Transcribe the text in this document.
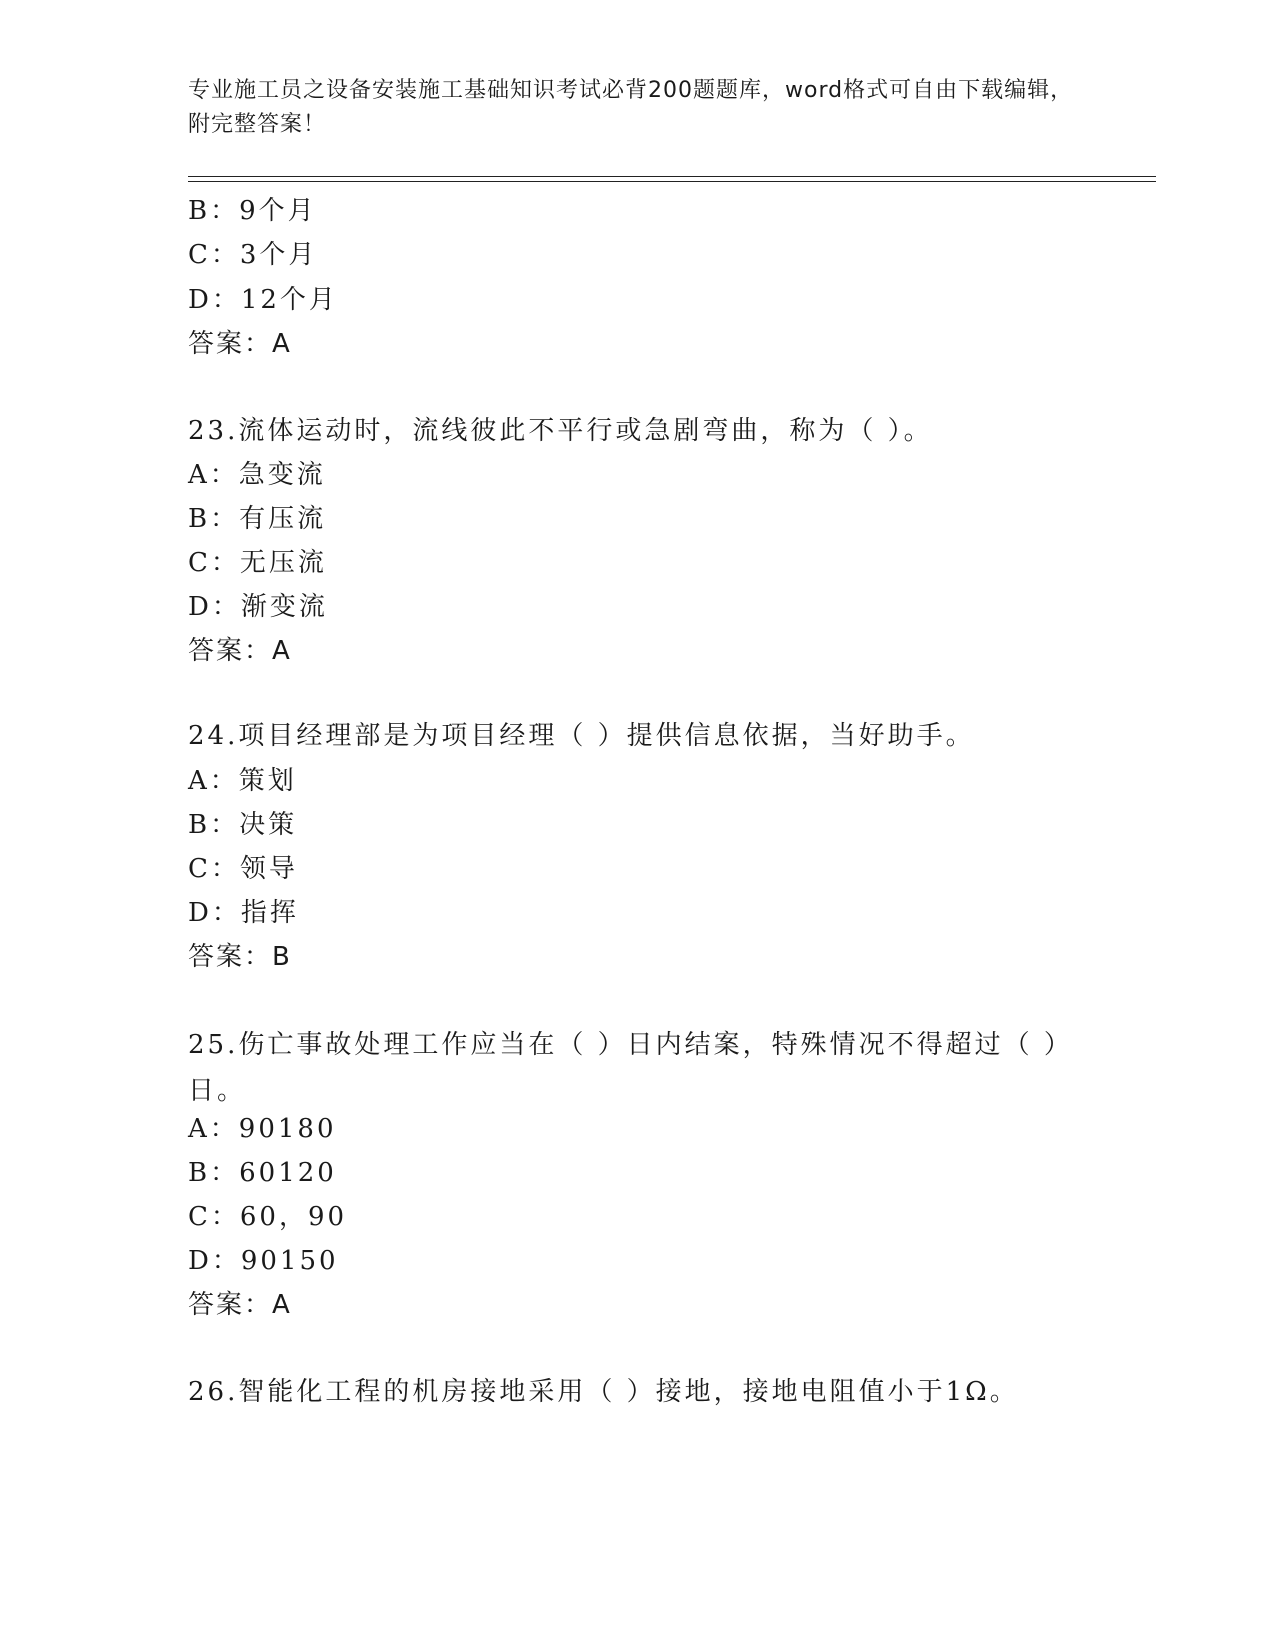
专业施工员之设备安装施工基础知识考试必背200题题库，word格式可自由下载编辑，附完整答案！
B：9个月
C：3个月
D：12个月
答案：A
23.流体运动时，流线彼此不平行或急剧弯曲，称为（ ）。
A：急变流
B：有压流
C：无压流
D：渐变流
答案：A
24.项目经理部是为项目经理（ ）提供信息依据，当好助手。
A：策划
B：决策
C：领导
D：指挥
答案：B
25.伤亡事故处理工作应当在（ ）日内结案，特殊情况不得超过（ ）日。
A：90180
B：60120
C：60，90
D：90150
答案：A
26.智能化工程的机房接地采用（ ）接地，接地电阻值小于1Ω。
